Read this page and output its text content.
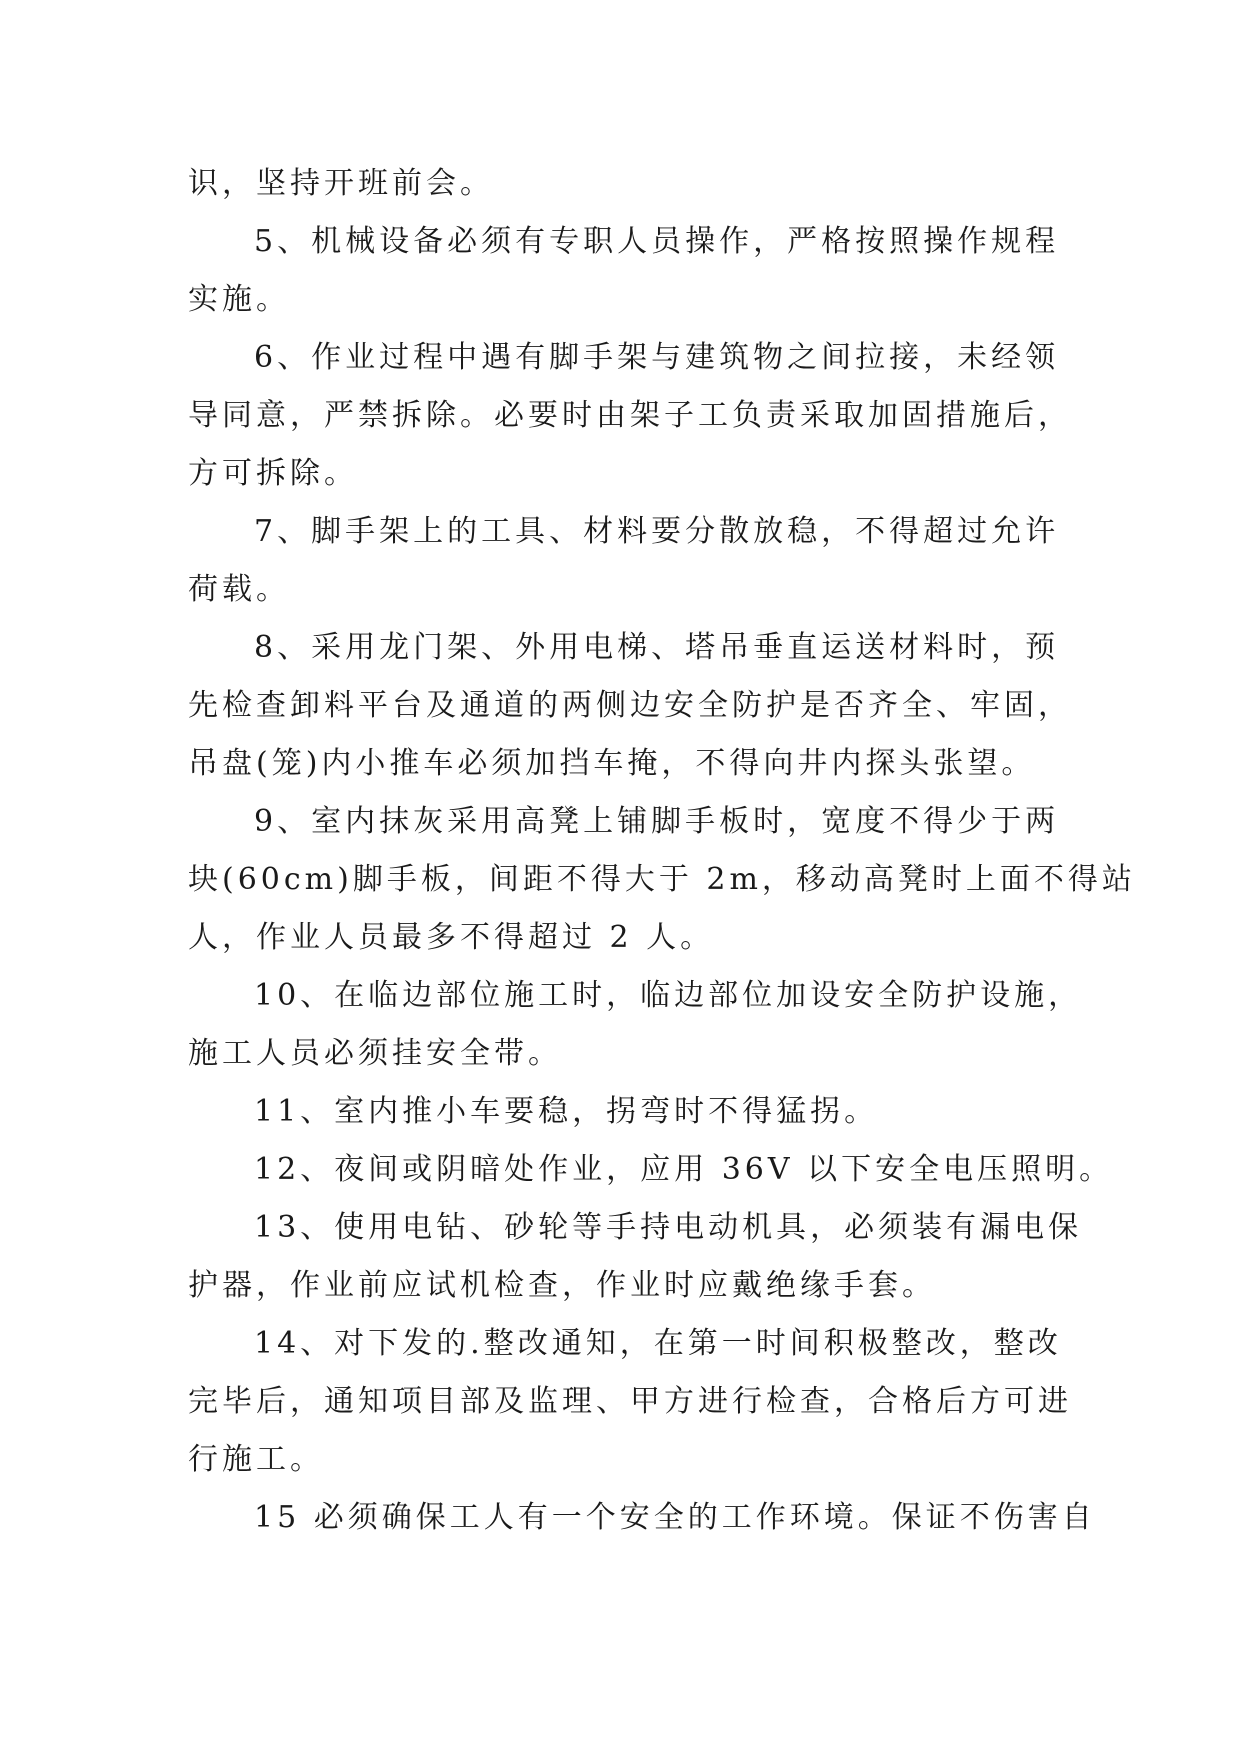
识，坚持开班前会。
5、机械设备必须有专职人员操作，严格按照操作规程
实施。
6、作业过程中遇有脚手架与建筑物之间拉接，未经领
导同意，严禁拆除。必要时由架子工负责采取加固措施后，
方可拆除。
7、脚手架上的工具、材料要分散放稳，不得超过允许
荷载。
8、采用龙门架、外用电梯、塔吊垂直运送材料时，预
先检查卸料平台及通道的两侧边安全防护是否齐全、牢固，
吊盘(笼)内小推车必须加挡车掩，不得向井内探头张望。
9、室内抹灰采用高凳上铺脚手板时，宽度不得少于两
块(60cm)脚手板，间距不得大于 2m，移动高凳时上面不得站
人，作业人员最多不得超过 2 人。
10、在临边部位施工时，临边部位加设安全防护设施，
施工人员必须挂安全带。
11、室内推小车要稳，拐弯时不得猛拐。
12、夜间或阴暗处作业，应用 36V 以下安全电压照明。
13、使用电钻、砂轮等手持电动机具，必须装有漏电保
护器，作业前应试机检查，作业时应戴绝缘手套。
14、对下发的.整改通知，在第一时间积极整改，整改
完毕后，通知项目部及监理、甲方进行检查，合格后方可进
行施工。
15 必须确保工人有一个安全的工作环境。保证不伤害自
